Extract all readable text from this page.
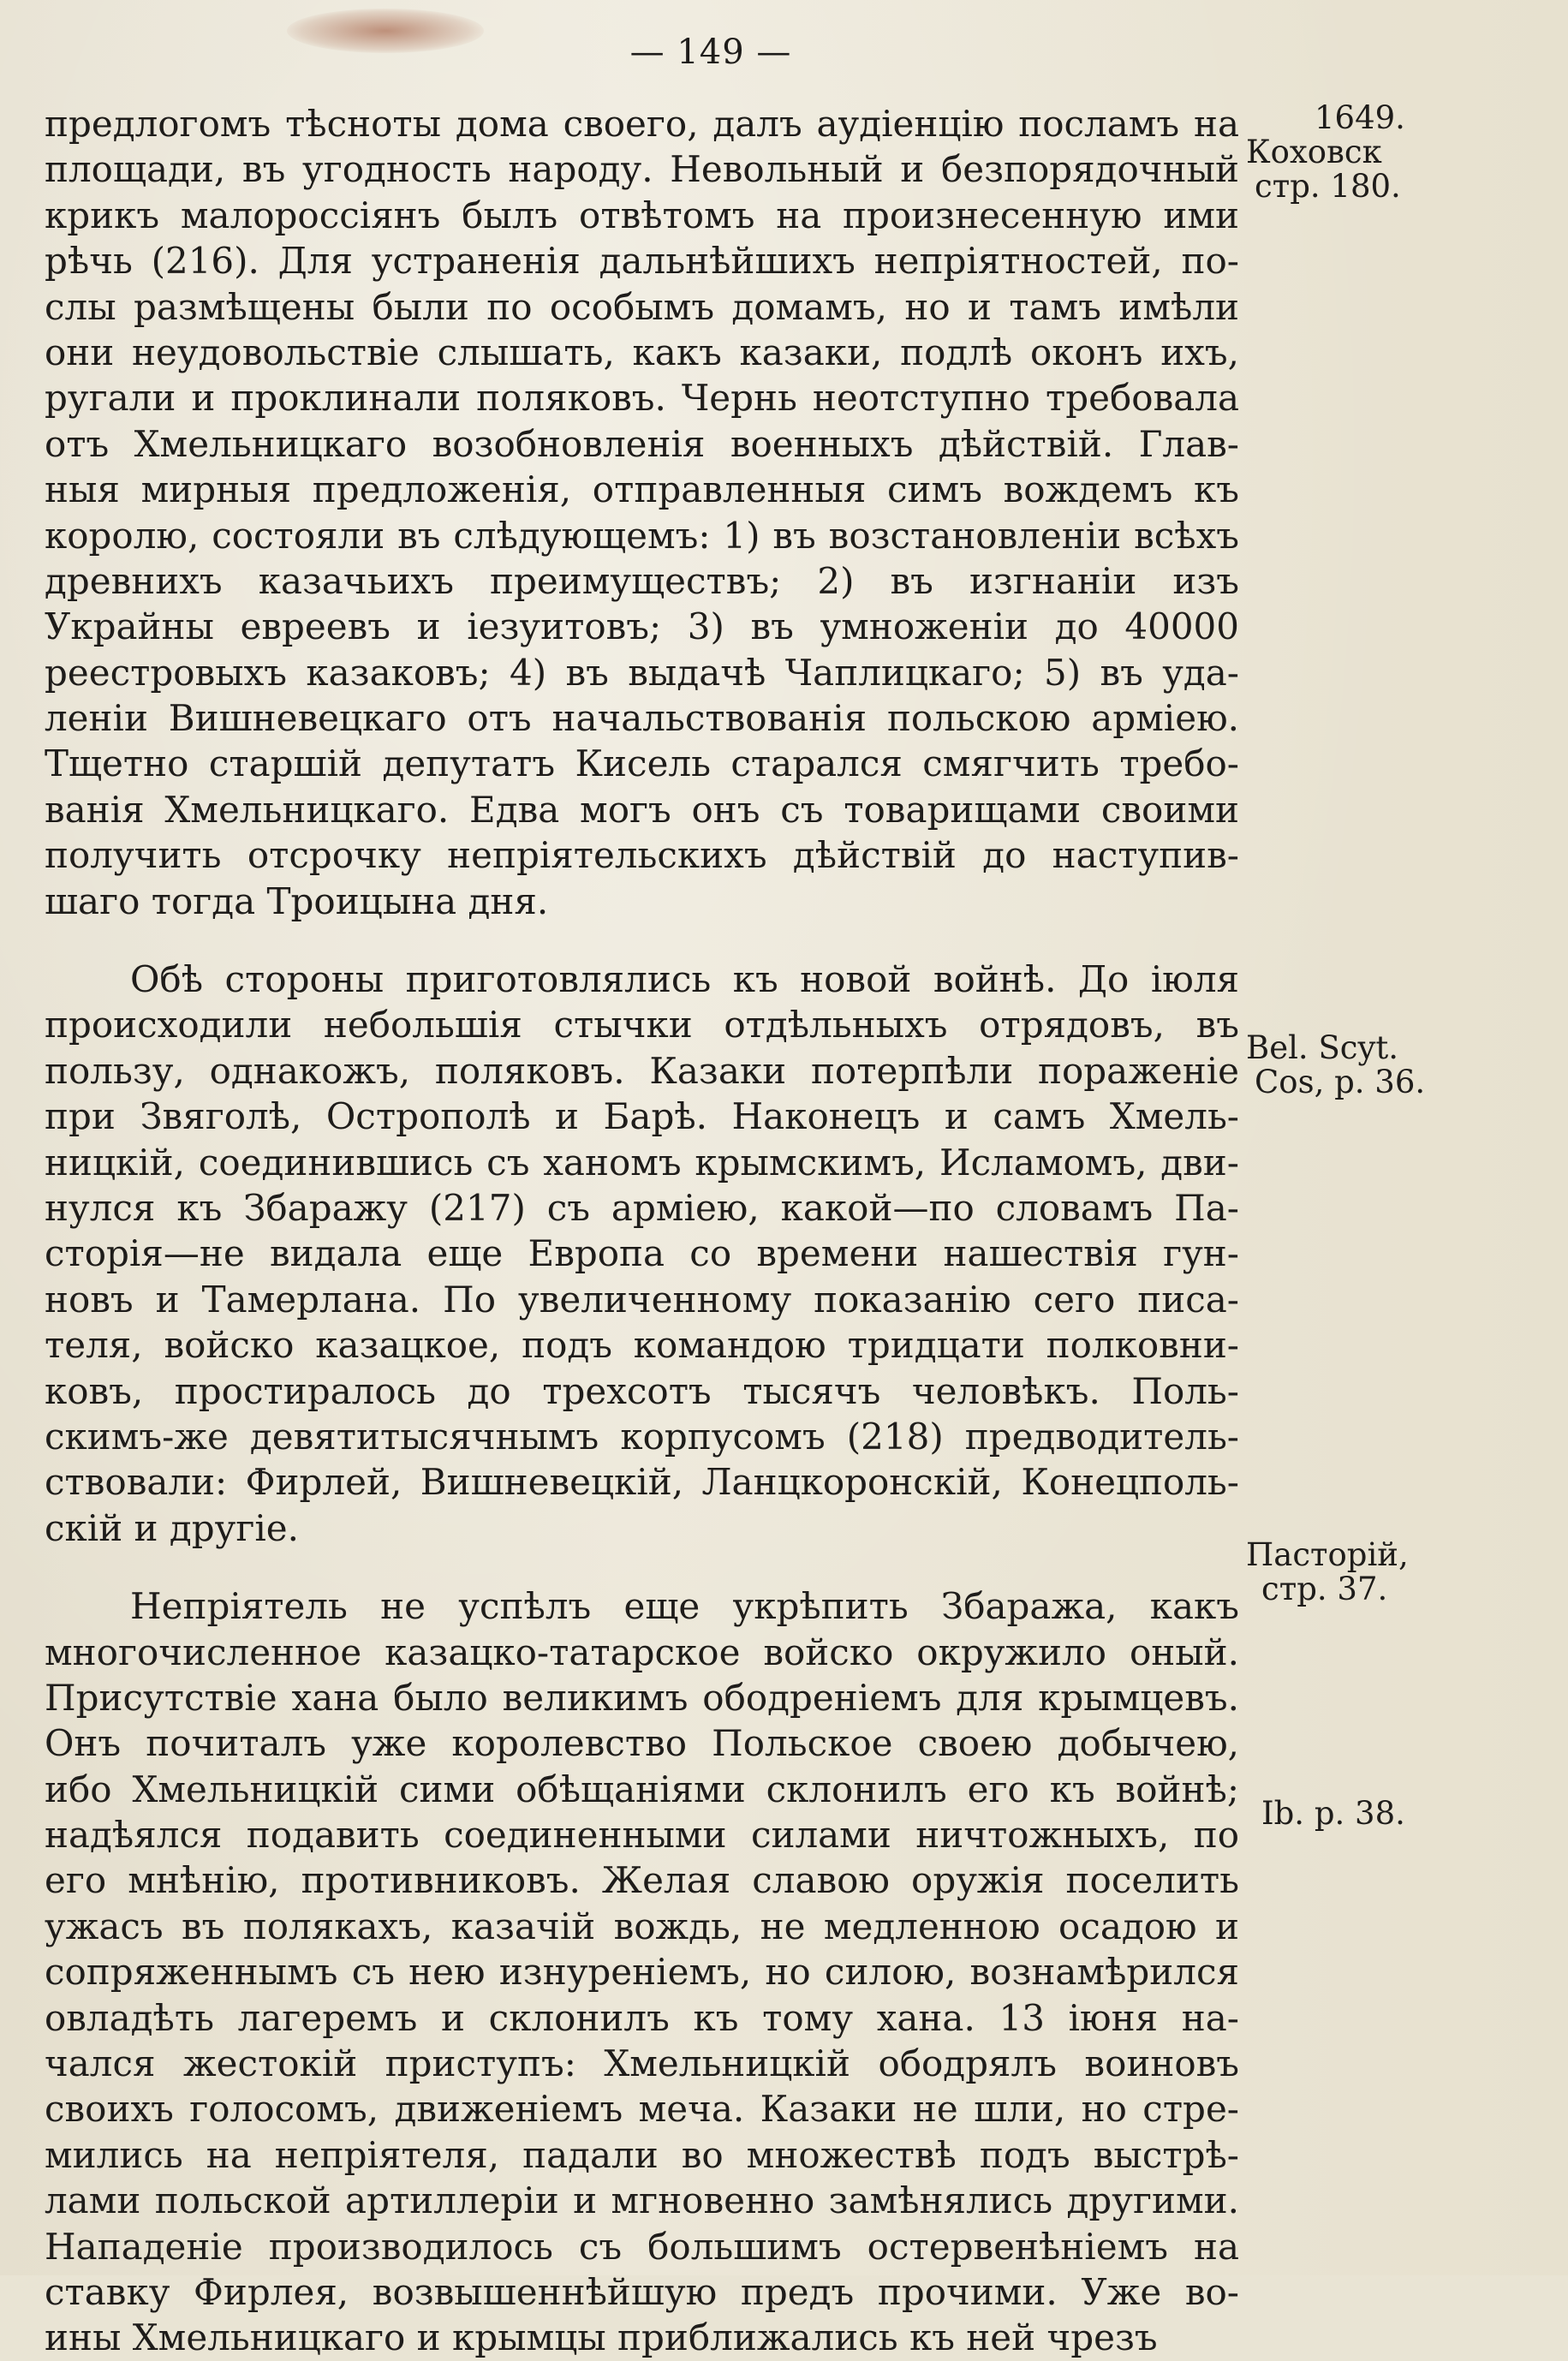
— 149 —
предлогомъ тѣсноты дома своего, далъ аудіенцію посламъ на
площади, въ угодность народу. Невольный и безпорядочный
крикъ малороссіянъ былъ отвѣтомъ на произнесенную ими
рѣчь (216). Для устраненія дальнѣйшихъ непріятностей, по-
слы размѣщены были по особымъ домамъ, но и тамъ имѣли
они неудовольствіе слышать, какъ казаки, подлѣ оконъ ихъ,
ругали и проклинали поляковъ. Чернь неотступно требовала
отъ Хмельницкаго возобновленія военныхъ дѣйствій. Глав-
ныя мирныя предложенія, отправленныя симъ вождемъ къ
королю, состояли въ слѣдующемъ: 1) въ возстановленіи всѣхъ
древнихъ казачьихъ преимуществъ; 2) въ изгнаніи изъ
Украйны евреевъ и іезуитовъ; 3) въ умноженіи до 40000
реестровыхъ казаковъ; 4) въ выдачѣ Чаплицкаго; 5) въ уда-
леніи Вишневецкаго отъ начальствованія польскою арміею.
Тщетно старшій депутатъ Кисель старался смягчить требо-
ванія Хмельницкаго. Едва могъ онъ съ товарищами своими
получить отсрочку непріятельскихъ дѣйствій до наступив-
шаго тогда Троицына дня.
Обѣ стороны приготовлялись къ новой войнѣ. До іюля
происходили небольшія стычки отдѣльныхъ отрядовъ, въ
пользу, однакожъ, поляковъ. Казаки потерпѣли пораженіе
при Звяголѣ, Острополѣ и Барѣ. Наконецъ и самъ Хмель-
ницкій, соединившись съ ханомъ крымскимъ, Исламомъ, дви-
нулся къ Збаражу (217) съ арміею, какой—по словамъ Па-
сторія—не видала еще Европа со времени нашествія гун-
новъ и Тамерлана. По увеличенному показанію сего писа-
теля, войско казацкое, подъ командою тридцати полковни-
ковъ, простиралось до трехсотъ тысячъ человѣкъ. Поль-
скимъ-же девятитысячнымъ корпусомъ (218) предводитель-
ствовали: Фирлей, Вишневецкій, Ланцкоронскій, Конецполь-
скій и другіе.
Непріятель не успѣлъ еще укрѣпить Збаража, какъ
многочисленное казацко-татарское войско окружило оный.
Присутствіе хана было великимъ ободреніемъ для крымцевъ.
Онъ почиталъ уже королевство Польское своею добычею,
ибо Хмельницкій сими обѣщаніями склонилъ его къ войнѣ;
надѣялся подавить соединенными силами ничтожныхъ, по
его мнѣнію, противниковъ. Желая славою оружія поселить
ужасъ въ полякахъ, казачій вождь, не медленною осадою и
сопряженнымъ съ нею изнуреніемъ, но силою, вознамѣрился
овладѣть лагеремъ и склонилъ къ тому хана. 13 іюня на-
чался жестокій приступъ: Хмельницкій ободрялъ воиновъ
своихъ голосомъ, движеніемъ меча. Казаки не шли, но стре-
мились на непріятеля, падали во множествѣ подъ выстрѣ-
лами польской артиллеріи и мгновенно замѣнялись другими.
Нападеніе производилось съ большимъ остервенѣніемъ на
ставку Фирлея, возвышеннѣйшую предъ прочими. Уже во-
ины Хмельницкаго и крымцы приближались къ ней чрезъ
1649.
Коховск
стр. 180.
Bel. Scyt.
Cos, p. 36.
Пасторій,
стр. 37.
Ib. p. 38.
